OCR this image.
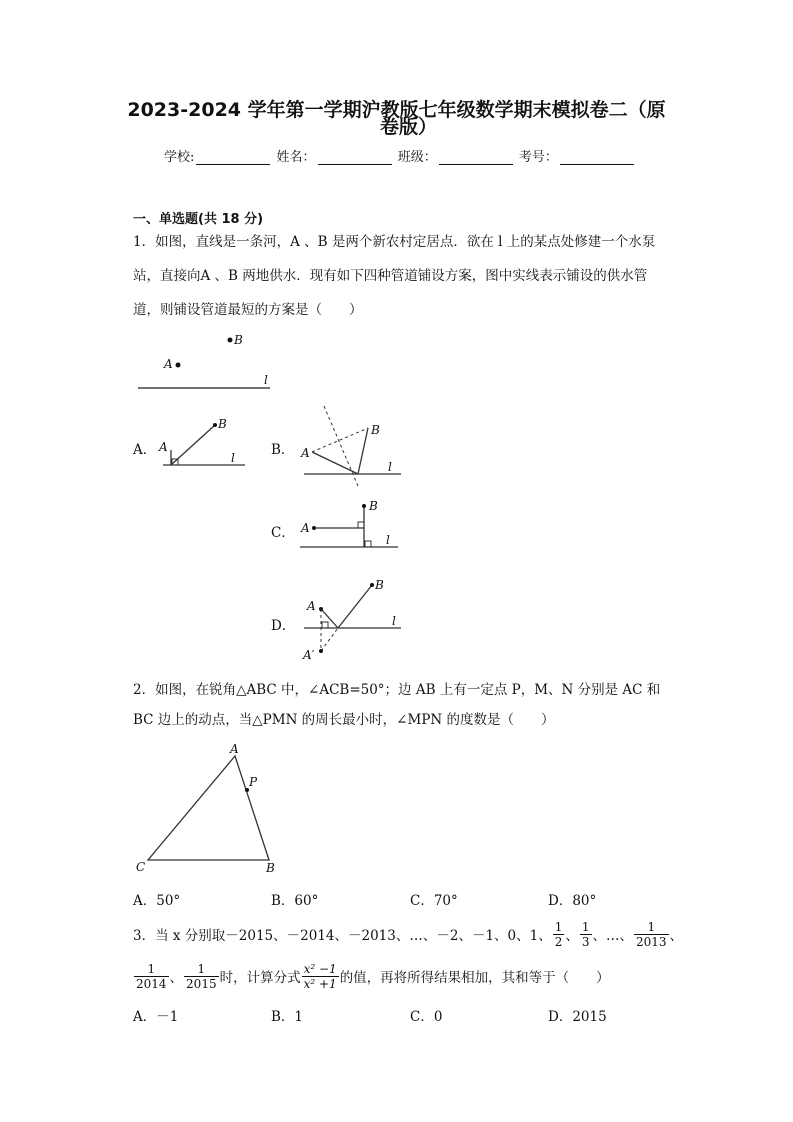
2023-2024 学年第一学期沪教版七年级数学期末模拟卷二（原
卷版）
学校:	姓名：	班级：	考号：
一、单选题(共 18 分)
1．如图，直线是一条河，A 、B 是两个新农村定居点．欲在 l 上的某点处修建一个水泵
站，直接向A 、B 两地供水．现有如下四种管道铺设方案，图中实线表示铺设的供水管
道，则铺设管道最短的方案是（　　）
A
B
l
A． A
B
l	B． A
B
l
C． A
B
l
D．
A
B
l
A′
2．如图，在锐角△ABC 中，∠ACB=50°；边 AB 上有一定点 P，M、N 分别是 AC 和
BC 边上的动点，当△PMN 的周长最小时，∠MPN 的度数是（　　）
A
C	B
P
A．50°	B．60°	C．70°	D．80°
3．当 x 分别取－2015、－2014、－2013、…、－2、－1、0、1、 $\frac{1}{2}$ 、 $\frac{1}{3}$ 、…、 $\frac{1}{2013}$ 、
$\frac{1}{2014}$ 、 $\frac{1}{2015}$ 时，计算分式 $\frac{\text{x² −1}}{\text{x² +1}}$ 的值，再将所得结果相加，其和等于（　　）
A．－1	B．1	C．0	D．2015
